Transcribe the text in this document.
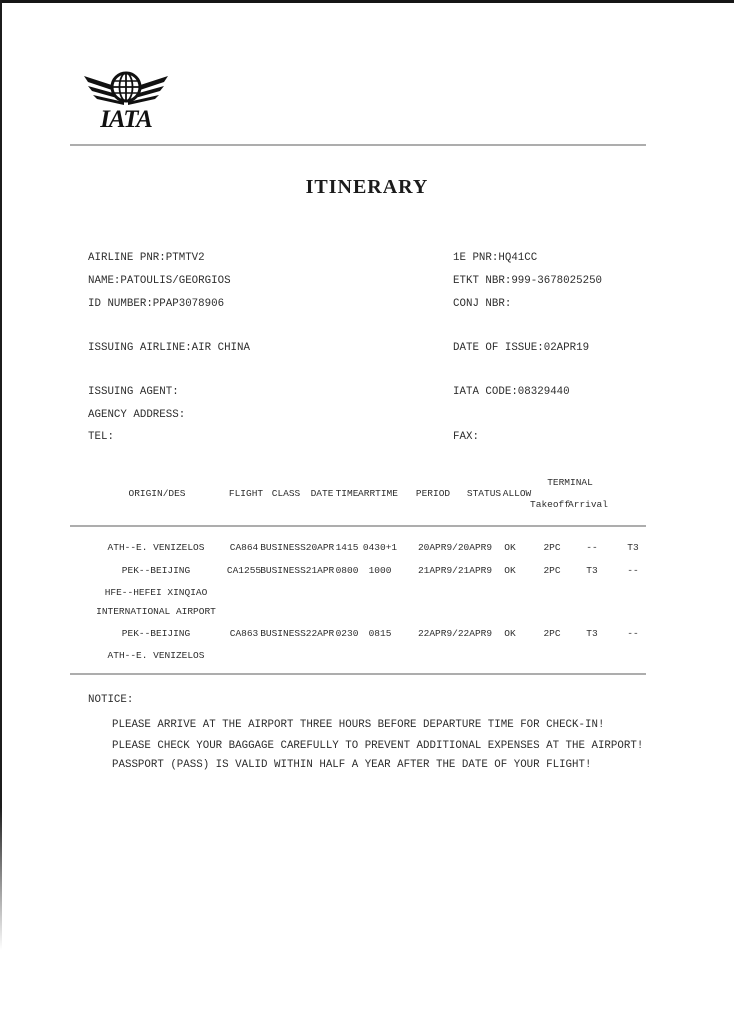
IATA
ITINERARY
AIRLINE PNR:PTMTV2	1E PNR:HQ41CC
NAME:PATOULIS/GEORGIOS	ETKT NBR:999-3678025250
ID NUMBER:PPAP3078906	CONJ NBR:
ISSUING AIRLINE:AIR CHINA	DATE OF ISSUE:02APR19
ISSUING AGENT:	IATA CODE:08329440
AGENCY ADDRESS:
TEL:	FAX:
TERMINAL
ORIGIN/DES	FLIGHT CLASS DATE TIME ARRTIME PERIOD STATUS ALLOW
Takeoff
Arrival
ATH--E. VENIZELOS	CA864 BUSINESS 20APR 1415 0430+1 20APR9/20APR9 OK	2PC	--	T3
PEK--BEIJING	CA1255 BUSINESS 21APR 0800 1000	21APR9/21APR9 OK	2PC	T3	--
HFE--HEFEI XINQIAO
INTERNATIONAL AIRPORT
PEK--BEIJING	CA863 BUSINESS 22APR 0230 0815	22APR9/22APR9 OK	2PC	T3	--
ATH--E. VENIZELOS
NOTICE:
PLEASE ARRIVE AT THE AIRPORT THREE HOURS BEFORE DEPARTURE TIME FOR CHECK-IN!
PLEASE CHECK YOUR BAGGAGE CAREFULLY TO PREVENT ADDITIONAL EXPENSES AT THE AIRPORT!
PASSPORT (PASS) IS VALID WITHIN HALF A YEAR AFTER THE DATE OF YOUR FLIGHT!
